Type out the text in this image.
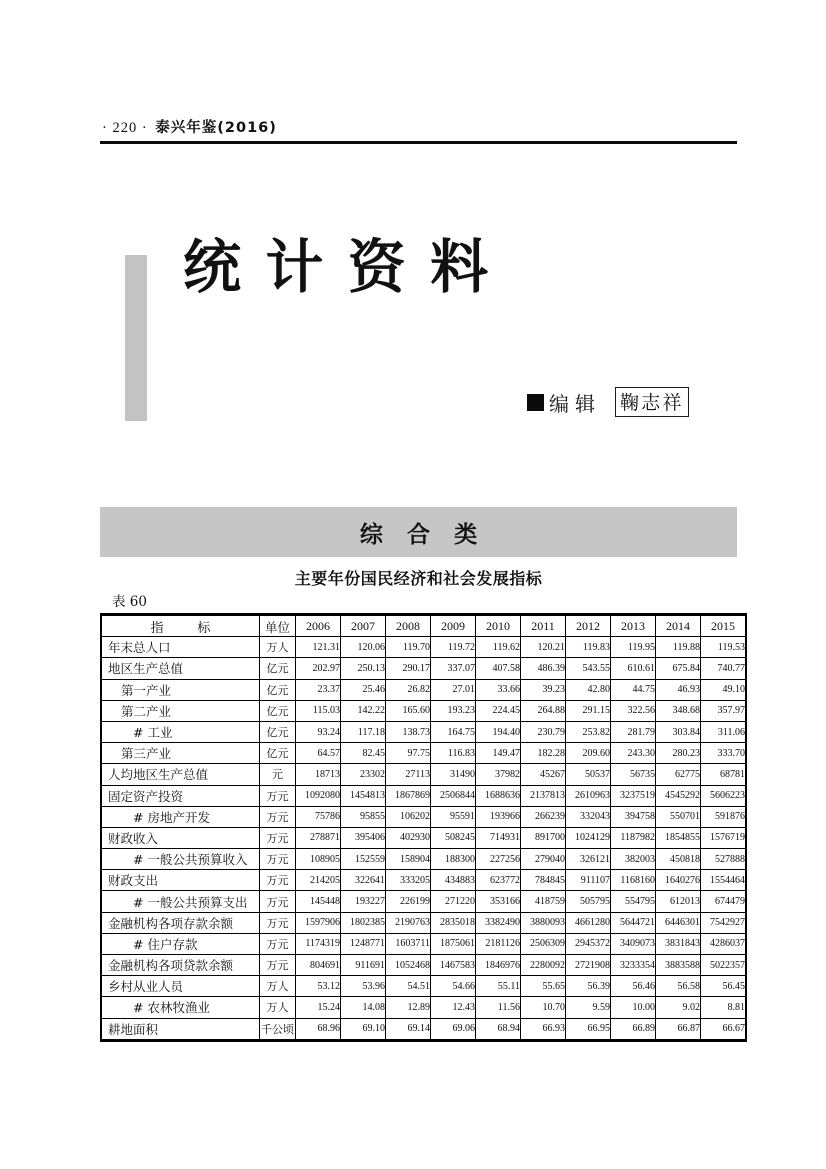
· 220 · 泰兴年鉴(2016)
统计资料
编辑 鞠志祥
综合类
主要年份国民经济和社会发展指标
表 60
指标	单位	2006	2007	2008	2009	2010	2011	2012	2013	2014	2015
年末总人口	万人	121.31	120.06	119.70	119.72	119.62	120.21	119.83	119.95	119.88	119.53
地区生产总值	亿元	202.97	250.13	290.17	337.07	407.58	486.39	543.55	610.61	675.84	740.77
第一产业	亿元	23.37	25.46	26.82	27.01	33.66	39.23	42.80	44.75	46.93	49.10
第二产业	亿元	115.03	142.22	165.60	193.23	224.45	264.88	291.15	322.56	348.68	357.97
# 工业	亿元	93.24	117.18	138.73	164.75	194.40	230.79	253.82	281.79	303.84	311.06
第三产业	亿元	64.57	82.45	97.75	116.83	149.47	182.28	209.60	243.30	280.23	333.70
人均地区生产总值	元	18713	23302	27113	31490	37982	45267	50537	56735	62775	68781
固定资产投资	万元	1092080	1454813	1867869	2506844	1688636	2137813	2610963	3237519	4545292	5606223
# 房地产开发	万元	75786	95855	106202	95591	193966	266239	332043	394758	550701	591876
财政收入	万元	278871	395406	402930	508245	714931	891700	1024129	1187982	1854855	1576719
# 一般公共预算收入	万元	108905	152559	158904	188300	227256	279040	326121	382003	450818	527888
财政支出	万元	214205	322641	333205	434883	623772	784845	911107	1168160	1640276	1554464
# 一般公共预算支出	万元	145448	193227	226199	271220	353166	418759	505795	554795	612013	674479
金融机构各项存款余额	万元	1597906	1802385	2190763	2835018	3382490	3880093	4661280	5644721	6446301	7542927
# 住户存款	万元	1174319	1248771	1603711	1875061	2181126	2506309	2945372	3409073	3831843	4286037
金融机构各项贷款余额	万元	804691	911691	1052468	1467583	1846976	2280092	2721908	3233354	3883588	5022357
乡村从业人员	万人	53.12	53.96	54.51	54.66	55.11	55.65	56.39	56.46	56.58	56.45
# 农林牧渔业	万人	15.24	14.08	12.89	12.43	11.56	10.70	9.59	10.00	9.02	8.81
耕地面积	千公顷	68.96	69.10	69.14	69.06	68.94	66.93	66.95	66.89	66.87	66.67
